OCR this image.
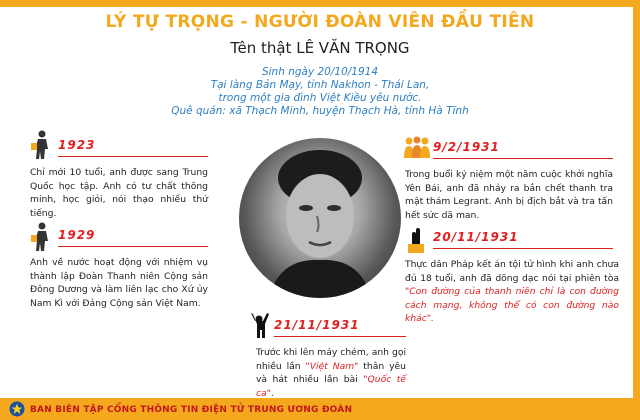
LÝ TỰ TRỌNG - NGƯỜI ĐOÀN VIÊN ĐẦU TIÊN
Tên thật LÊ VĂN TRỌNG
Sinh ngày 20/10/1914
Tại làng Bản Mạy, tỉnh Nakhon - Thái Lan,
trong một gia đình Việt Kiều yêu nước.
Quê quán: xã Thạch Minh, huyện Thạch Hà, tỉnh Hà Tĩnh
1923
Chỉ mới 10 tuổi, anh được sang Trung Quốc học tập. Anh có tư chất thông minh, học giỏi, nói thạo nhiều thứ tiếng.
1929
Anh về nước hoạt động với nhiệm vụ thành lập Đoàn Thanh niên Cộng sản Đông Dương và làm liên lạc cho Xứ ủy Nam Kì với Đảng Cộng sản Việt Nam.
9/2/1931
Trong buổi kỷ niệm một năm cuộc khởi nghĩa Yên Bái, anh đã nhảy ra bắn chết thanh tra mật thám Legrant. Anh bị địch bắt và tra tấn hết sức dã man.
20/11/1931
Thực dân Pháp kết án tội tử hình khi anh chưa đủ 18 tuổi, anh đã dõng dạc nói tại phiên tòa "Con đường của thanh niên chỉ là con đường cách mạng, không thể có con đường nào khác".
21/11/1931
Trước khi lên máy chém, anh gọi nhiều lần "Việt Nam" thân yêu và hát nhiều lần bài "Quốc tế ca".
BAN BIÊN TẬP CỔNG THÔNG TIN ĐIỆN TỬ TRUNG ƯƠNG ĐOÀN
